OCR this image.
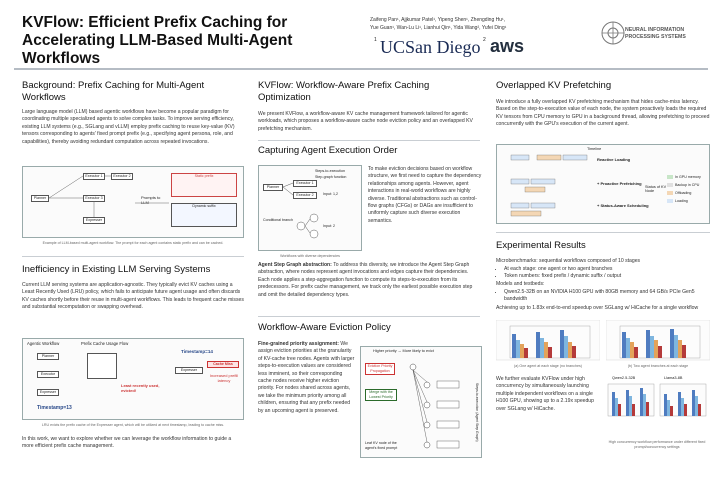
KVFlow: Efficient Prefix Caching for Accelerating LLM-Based Multi-Agent Workflows
Zaifeng Pan¹, Ajjkumar Patel¹, Yipeng Shen¹, Zhengding Hu¹,
Yue Guan¹, Wan-Lu Li¹, Lianhui Qin¹, Yida Wang², Yufei Ding¹
1 UCSan Diego 2 aws
NEURAL INFORMATION PROCESSING SYSTEMS
Background: Prefix Caching for Multi-Agent Workflows
Large language model (LLM) based agentic workflows have become a popular paradigm for coordinating multiple specialized agents to solve complex tasks. To improve serving efficiency, existing LLM systems (e.g., SGLang and vLLM) employ prefix caching to reuse key-value (KV) tensors corresponding to agents' fixed prompt prefix (e.g., specifying agent persona, role, and capabilities), thereby avoiding redundant computation across repeated invocations.
Executor 1	Executor 2
Planner	Executor 3
Expresser
Prompts to LLM
Static prefix
Dynamic suffix
Example of LLM-based multi-agent workflow. The prompt for each agent contains static prefix and can be cached.
Inefficiency in Existing LLM Serving Systems
Current LLM serving systems are application-agnostic. They typically evict KV caches using a Least Recently Used (LRU) policy, which fails to anticipate future agent usage and often discards KV caches shortly before their reuse in multi-agent workflows. This leads to frequent cache misses and substantial recomputation or swapping overhead.
Agentic Workflow	Prefix Cache Usage Flow
Planner
Executor
Expresser
Timestamp=13
Least recently used, evicted!
Timestamp=14
Expresser
Cache Miss
Increased prefill latency
LRU evicts the prefix cache of the Expresser agent, which will be utilized at next timestamp, leading to cache miss.
In this work, we want to explore whether we can leverage the workflow information to guide a more efficient prefix cache management.
KVFlow: Workflow-Aware Prefix Caching Optimization
We present KVFlow, a workflow-aware KV cache management framework tailored for agentic workloads, which proposes a workflow-aware cache node eviction policy and an overlapped KV prefetching mechanism.
Capturing Agent Execution Order
Steps-to-execution
Step-graph function
Planner
Executor 1
Executor 2	Input: 1,2
Conditional branch
Input: 2
Workflows with diverse dependencies
To make eviction decisions based on workflow structure, we first need to capture the dependency relationships among agents. However, agent interactions in real-world workflows are highly diverse. Traditional abstractions such as control-flow graphs (CFGs) or DAGs are insufficient to uniformly capture such diverse execution semantics.
Agent Step Graph abstraction: To address this diversity, we introduce the Agent Step Graph abstraction, where nodes represent agent invocations and edges capture their dependencies. Each node applies a step-aggregation function to compute its steps-to-execution from its predecessors. For prefix cache management, we track only the earliest possible execution step and omit the detailed dependency types.
Workflow-Aware Eviction Policy
Fine-grained priority assignment: We assign eviction priorities at the granularity of KV-cache tree nodes. Agents with larger steps-to-execution values are considered less imminent, so their corresponding cache nodes receive higher eviction priority. For nodes shared across agents, we take the minimum priority among all children, ensuring that any prefix needed by an upcoming agent is preserved.
Higher priority → More likely to evict
Eviction Priority Propagation
Merge with the Lowest Priority
Leaf KV node of the agent's fixed prompt
Steps-to-execution (Agent Step Graph)
Overlapped KV Prefetching
We introduce a fully overlapped KV prefetching mechanism that hides cache-miss latency. Based on the step-to-execution value of each node, the system proactively loads the required KV tensors from CPU memory to GPU in a background thread, allowing prefetching to proceed concurrently with the GPU's execution of the current agent.
Timeline
Reactive Loading
+ Proactive Prefetching
+ Status-Aware Scheduling
Status of KV Node
In GPU memory
Backup in CPU
Offloading
Loading
Experimental Results
Microbenchmarks: sequential workflows composed of 10 stages
• At each stage: one agent or two agent branches
• Token numbers: fixed prefix / dynamic suffix / output
Models and testbeds:
• Qwen2.5-32B on an NVIDIA H100 GPU with 80GB memory and 64 GB/s PCIe Gen5 bandwidth
Achieving up to 1.83x end-to-end speedup over SGLang w/ HiCache for a single workflow
(a) One agent at each stage (no branches)	(b) Two agent branches at each stage
We further evaluate KVFlow under high concurrency by simultaneously launching multiple independent workflows on a single H100 GPU, showing up to a 2.19x speedup over SGLang w/ HiCache.
Qwen2.5-32B	Llama3-8B
High concurrency workflow performance under different fixed prompt/concurrency settings
